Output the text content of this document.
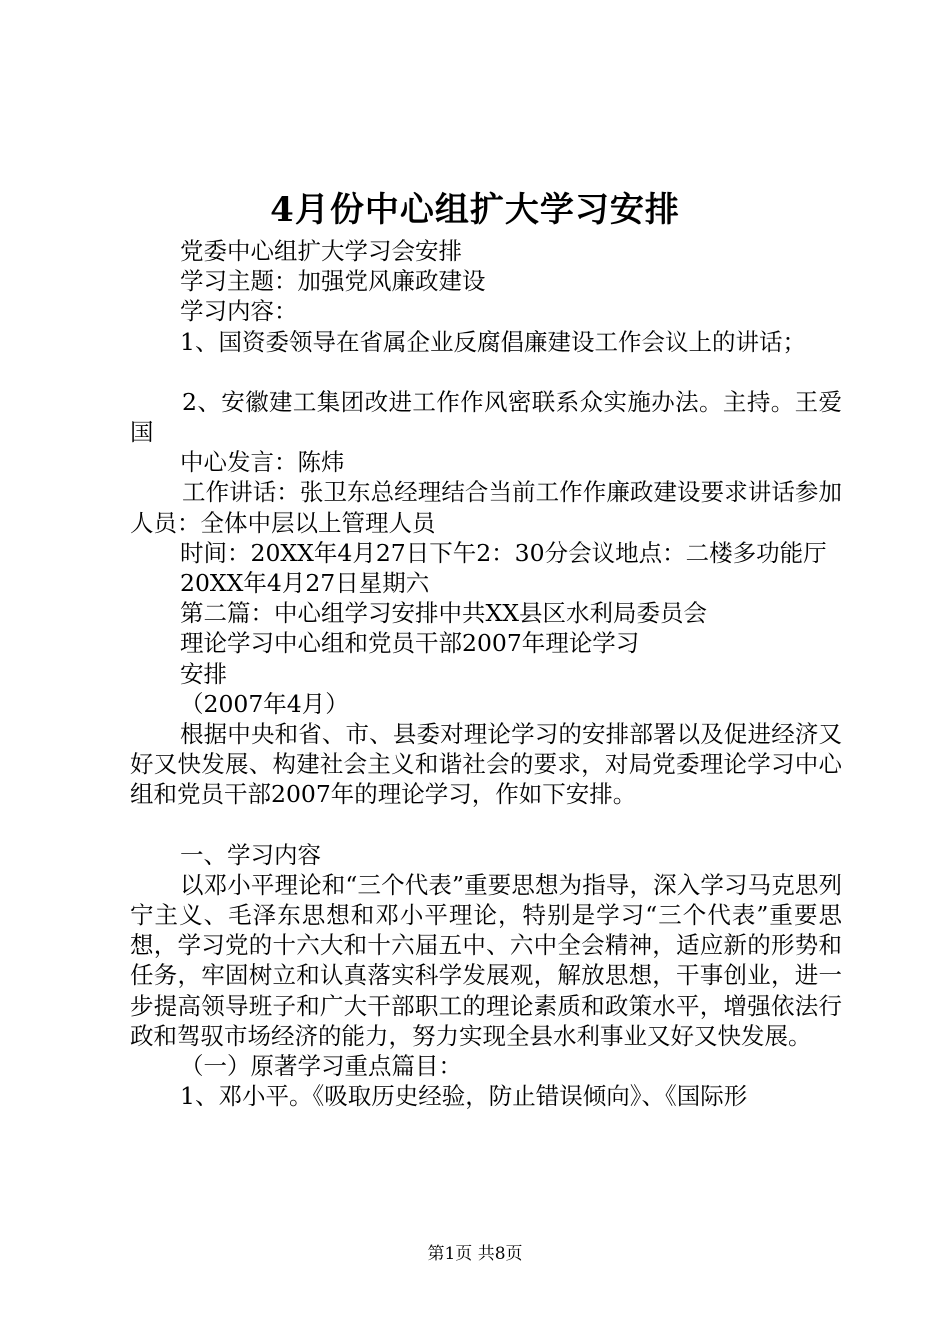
4月份中心组扩大学习安排

党委中心组扩大学习会安排

学习主题：加强党风廉政建设

学习内容：

1、国资委领导在省属企业反腐倡廉建设工作会议上的讲话；

2、安徽建工集团改进工作作风密联系众实施办法。主持。王爱国

中心发言：陈炜

工作讲话：张卫东总经理结合当前工作作廉政建设要求讲话参加人员：全体中层以上管理人员

时间：20XX年4月27日下午2：30分会议地点：二楼多功能厅

20XX年4月27日星期六

第二篇：中心组学习安排中共XX县区水利局委员会

理论学习中心组和党员干部2007年理论学习

安排

（2007年4月）

根据中央和省、市、县委对理论学习的安排部署以及促进经济又好又快发展、构建社会主义和谐社会的要求，对局党委理论学习中心组和党员干部2007年的理论学习，作如下安排。

一、学习内容

以邓小平理论和“三个代表”重要思想为指导，深入学习马克思列宁主义、毛泽东思想和邓小平理论，特别是学习“三个代表”重要思想，学习党的十六大和十六届五中、六中全会精神，适应新的形势和任务，牢固树立和认真落实科学发展观，解放思想，干事创业，进一步提高领导班子和广大干部职工的理论素质和政策水平，增强依法行政和驾驭市场经济的能力，努力实现全县水利事业又好又快发展。

（一）原著学习重点篇目：

1、邓小平。《吸取历史经验，防止错误倾向》、《国际形

第1页 共8页
